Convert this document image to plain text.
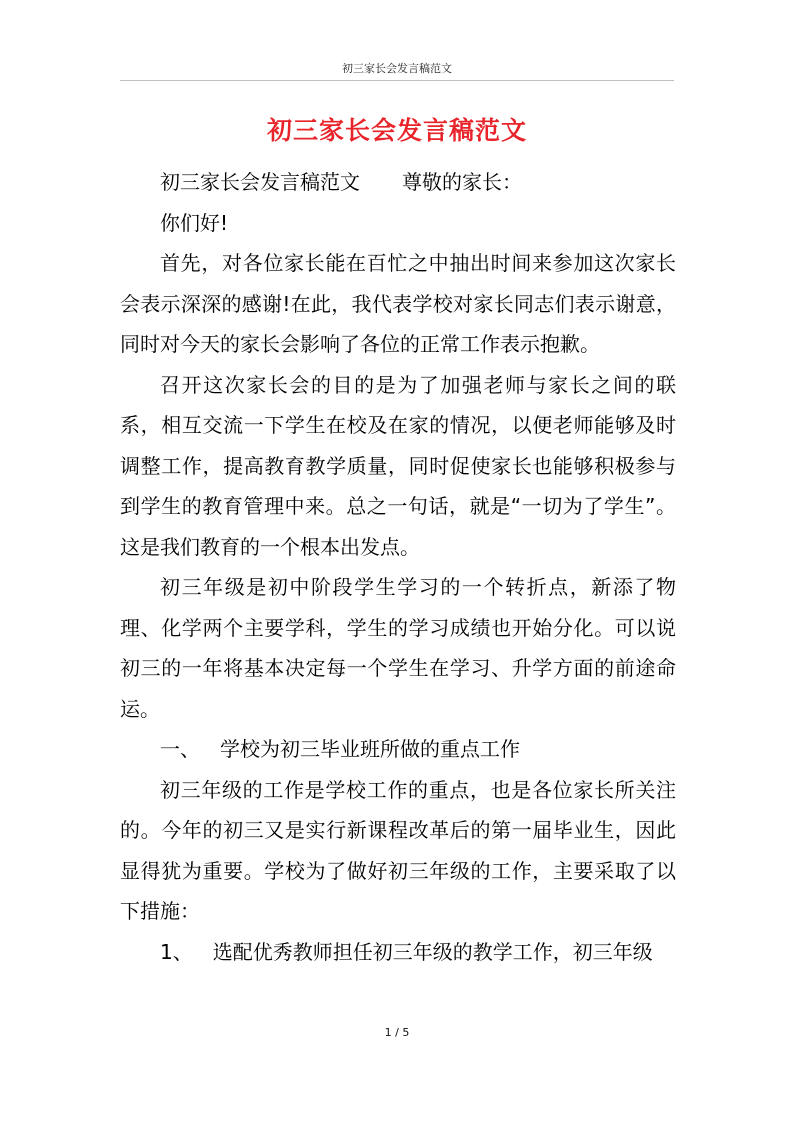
初三家长会发言稿范文
初三家长会发言稿范文

初三家长会发言稿范文 尊敬的家长：

你们好!

首先，对各位家长能在百忙之中抽出时间来参加这次家长会表示深深的感谢!在此，我代表学校对家长同志们表示谢意，同时对今天的家长会影响了各位的正常工作表示抱歉。

召开这次家长会的目的是为了加强老师与家长之间的联系，相互交流一下学生在校及在家的情况，以便老师能够及时调整工作，提高教育教学质量，同时促使家长也能够积极参与到学生的教育管理中来。总之一句话，就是“一切为了学生”。这是我们教育的一个根本出发点。

初三年级是初中阶段学生学习的一个转折点，新添了物理、化学两个主要学科，学生的学习成绩也开始分化。可以说初三的一年将基本决定每一个学生在学习、升学方面的前途命运。

一、 学校为初三毕业班所做的重点工作

初三年级的工作是学校工作的重点，也是各位家长所关注的。今年的初三又是实行新课程改革后的第一届毕业生，因此显得犹为重要。学校为了做好初三年级的工作，主要采取了以下措施：

1、 选配优秀教师担任初三年级的教学工作，初三年级

1 / 5
